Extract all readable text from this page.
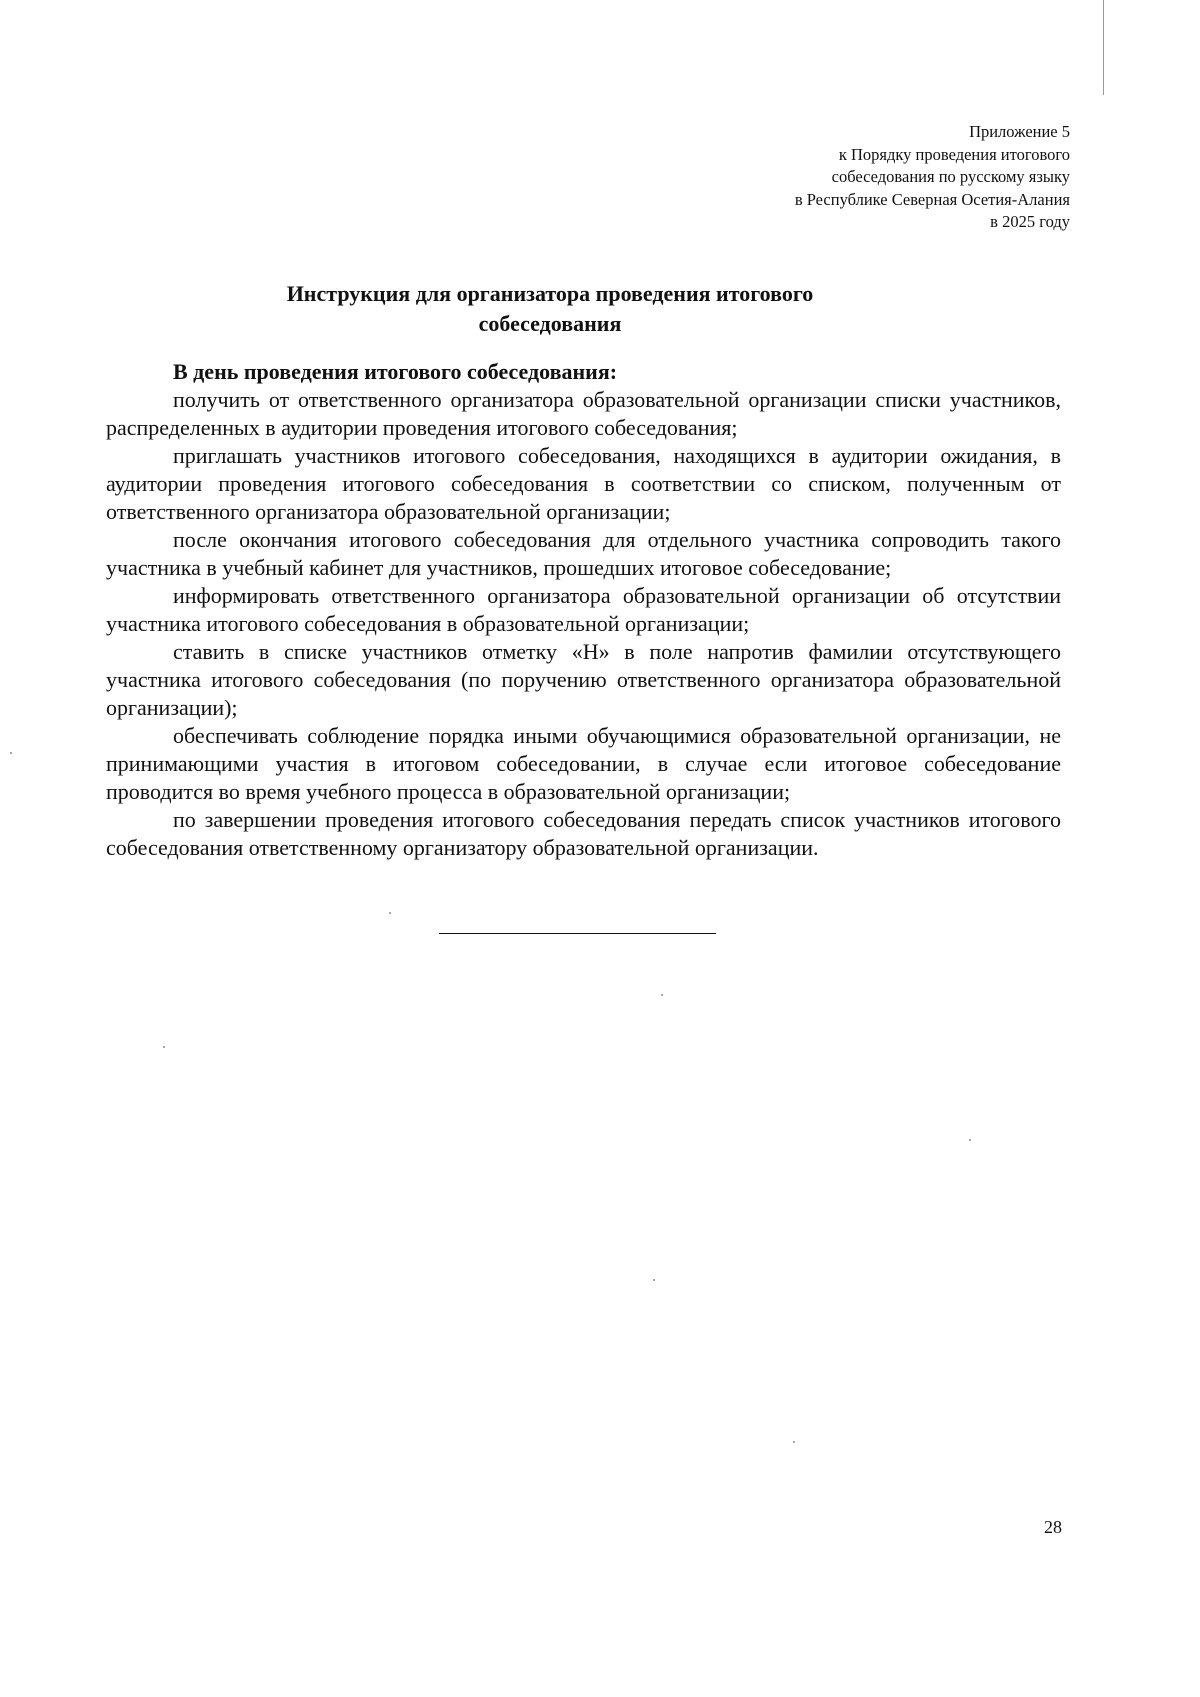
Приложение 5
к Порядку проведения итогового
собеседования по русскому языку
в Республике Северная Осетия-Алания
в 2025 году
Инструкция для организатора проведения итогового
собеседования

В день проведения итогового собеседования:

получить от ответственного организатора образовательной организации списки участников, распределенных в аудитории проведения итогового собеседования;

приглашать участников итогового собеседования, находящихся в аудитории ожидания, в аудитории проведения итогового собеседования в соответствии со списком, полученным от ответственного организатора образовательной организации;

после окончания итогового собеседования для отдельного участника сопроводить такого участника в учебный кабинет для участников, прошедших итоговое собеседование;

информировать ответственного организатора образовательной организации об отсутствии участника итогового собеседования в образовательной организации;

ставить в списке участников отметку «Н» в поле напротив фамилии отсутствующего участника итогового собеседования (по поручению ответственного организатора образовательной организации);

обеспечивать соблюдение порядка иными обучающимися образовательной организации, не принимающими участия в итоговом собеседовании, в случае если итоговое собеседование проводится во время учебного процесса в образовательной организации;

по завершении проведения итогового собеседования передать список участников итогового собеседования ответственному организатору образовательной организации.

28
